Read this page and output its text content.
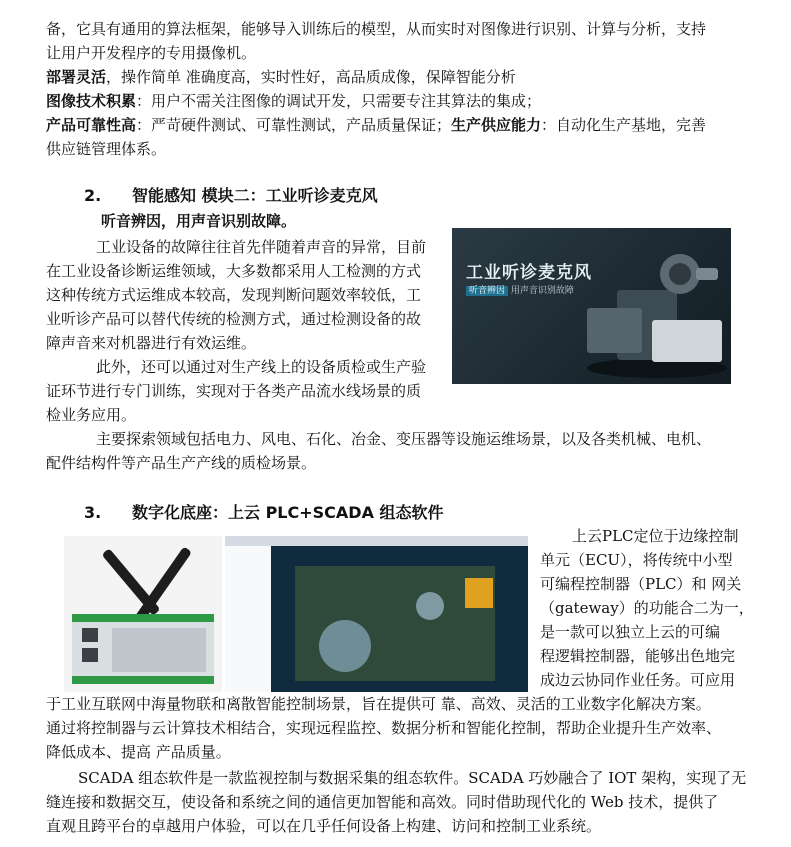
备，它具有通用的算法框架，能够导入训练后的模型，从而实时对图像进行识别、计算与分析，支持

让用户开发程序的专用摄像机。

部署灵活，操作简单 准确度高，实时性好，高品质成像，保障智能分析

图像技术积累：用户不需关注图像的调试开发，只需要专注其算法的集成；

产品可靠性高：严苛硬件测试、可靠性测试，产品质量保证；生产供应能力：自动化生产基地，完善

供应链管理体系。

2. 智能感知 模块二：工业听诊麦克风

听音辨因，用声音识别故障。

工业设备的故障往往首先伴随着声音的异常，目前

在工业设备诊断运维领域，大多数都采用人工检测的方式

这种传统方式运维成本较高，发现判断问题效率较低，工

业听诊产品可以替代传统的检测方式，通过检测设备的故

障声音来对机器进行有效运维。

此外，还可以通过对生产线上的设备质检或生产验

证环节进行专门训练，实现对于各类产品流水线场景的质

检业务应用。

主要探索领域包括电力、风电、石化、冶金、变压器等设施运维场景，以及各类机械、电机、

配件结构件等产品生产产线的质检场景。

工业听诊麦克风
听音辨因 用声音识别故障

3. 数字化底座：上云 PLC+SCADA 组态软件

上云PLC定位于边缘控制

单元（ECU），将传统中小型

可编程控制器（PLC）和 网关

（gateway）的功能合二为一，

是一款可以独立上云的可编

程逻辑控制器，能够出色地完

成边云协同作业任务。可应用

于工业互联网中海量物联和离散智能控制场景，旨在提供可 靠、高效、灵活的工业数字化解决方案。

通过将控制器与云计算技术相结合，实现远程监控、数据分析和智能化控制，帮助企业提升生产效率、

降低成本、提高 产品质量。

SCADA 组态软件是一款监视控制与数据采集的组态软件。SCADA 巧妙融合了 IOT 架构，实现了无

缝连接和数据交互，使设备和系统之间的通信更加智能和高效。同时借助现代化的 Web 技术，提供了

直观且跨平台的卓越用户体验，可以在几乎任何设备上构建、访问和控制工业系统。
